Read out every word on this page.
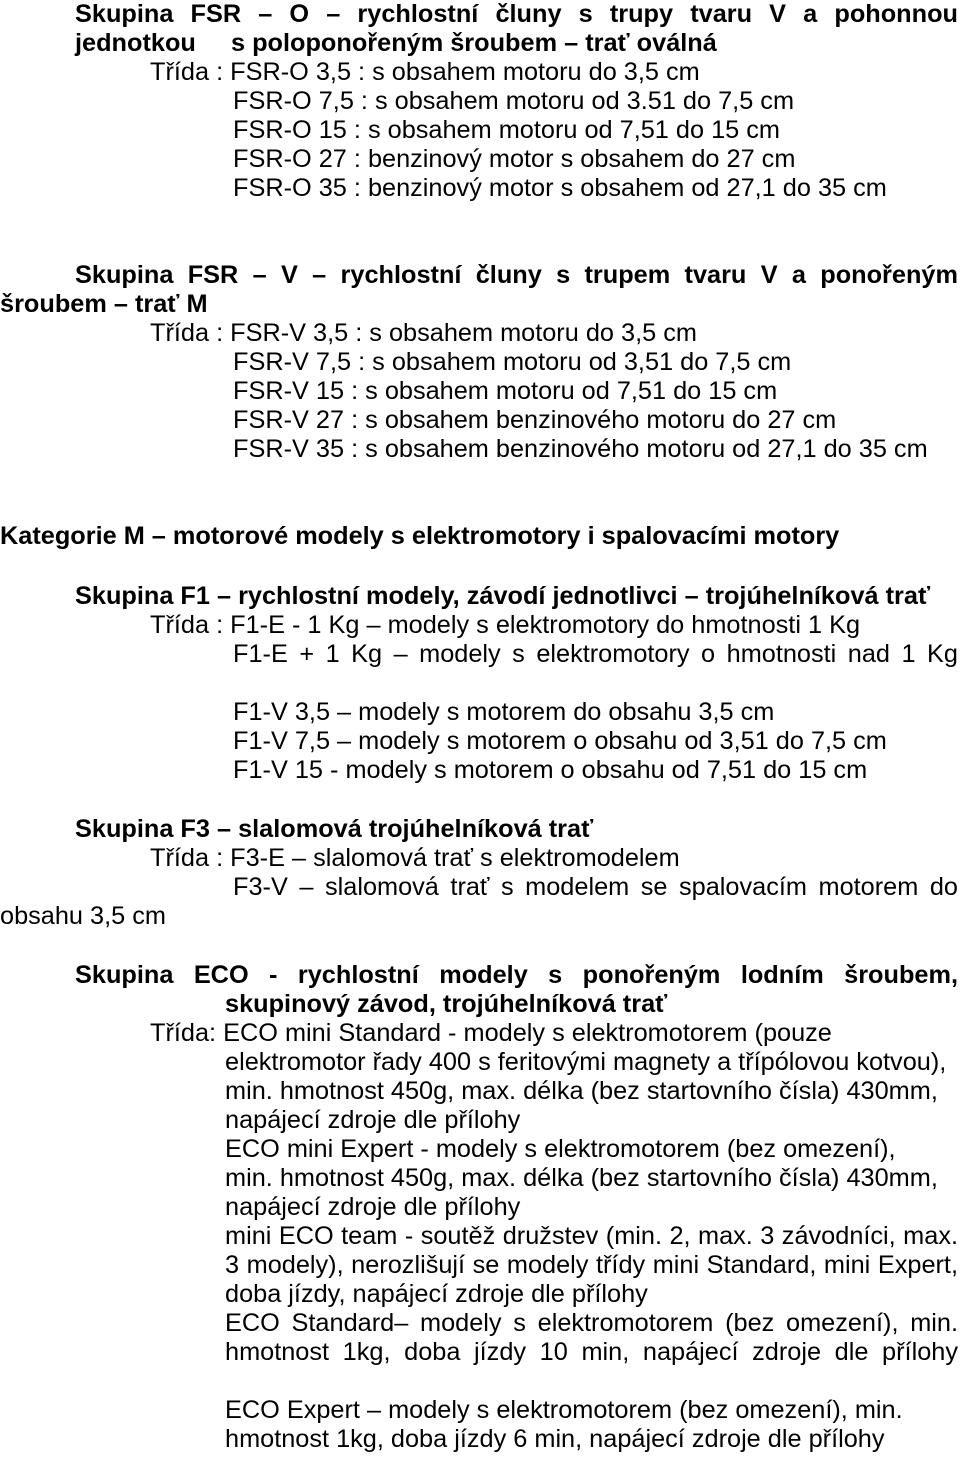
Skupina FSR – O – rychlostní čluny s trupy tvaru V a pohonnou
jednotkou     s poloponořeným šroubem – trať oválná
Třída : FSR-O 3,5 : s obsahem motoru do 3,5 cm
FSR-O 7,5 : s obsahem motoru od 3.51 do 7,5 cm
FSR-O 15 : s obsahem motoru od 7,51 do 15 cm
FSR-O 27 : benzinový motor s obsahem do 27 cm
FSR-O 35 : benzinový motor s obsahem od 27,1 do 35 cm
Skupina FSR – V – rychlostní čluny s trupem tvaru V a ponořeným
šroubem – trať M
Třída : FSR-V 3,5 : s obsahem motoru do 3,5 cm
FSR-V 7,5 : s obsahem motoru od 3,51 do 7,5 cm
FSR-V 15 : s obsahem motoru od 7,51 do 15 cm
FSR-V 27 : s obsahem benzinového motoru do 27 cm
FSR-V 35 : s obsahem benzinového motoru od 27,1 do 35 cm
Kategorie M – motorové modely s elektromotory i spalovacími motory
Skupina F1 – rychlostní modely, závodí jednotlivci – trojúhelníková trať
Třída : F1-E - 1 Kg – modely s elektromotory do hmotnosti 1 Kg
F1-E + 1 Kg – modely s elektromotory o hmotnosti nad 1 Kg
F1-V 3,5 – modely s motorem do obsahu 3,5 cm
F1-V 7,5 – modely s motorem o obsahu od 3,51 do 7,5 cm
F1-V 15 - modely s motorem o obsahu od 7,51 do 15 cm
Skupina F3 – slalomová trojúhelníková trať
Třída : F3-E – slalomová trať s elektromodelem
F3-V – slalomová trať s modelem se spalovacím motorem do
obsahu 3,5 cm
Skupina ECO - rychlostní modely s ponořeným lodním šroubem,
skupinový závod, trojúhelníková trať
Třída: ECO mini Standard - modely s elektromotorem (pouze
elektromotor řady 400 s feritovými magnety a třípólovou kotvou),
min. hmotnost 450g, max. délka (bez startovního čísla) 430mm,
napájecí zdroje dle přílohy
ECO mini Expert - modely s elektromotorem (bez omezení),
min. hmotnost 450g, max. délka (bez startovního čísla) 430mm,
napájecí zdroje dle přílohy
mini ECO team - soutěž družstev (min. 2, max. 3 závodníci, max.
3 modely), nerozlišují se modely třídy mini Standard, mini Expert,
doba jízdy, napájecí zdroje dle přílohy
ECO Standard– modely s elektromotorem (bez omezení), min.
hmotnost 1kg, doba jízdy 10 min, napájecí zdroje dle přílohy
ECO Expert – modely s elektromotorem (bez omezení), min.
hmotnost 1kg, doba jízdy 6 min, napájecí zdroje dle přílohy
